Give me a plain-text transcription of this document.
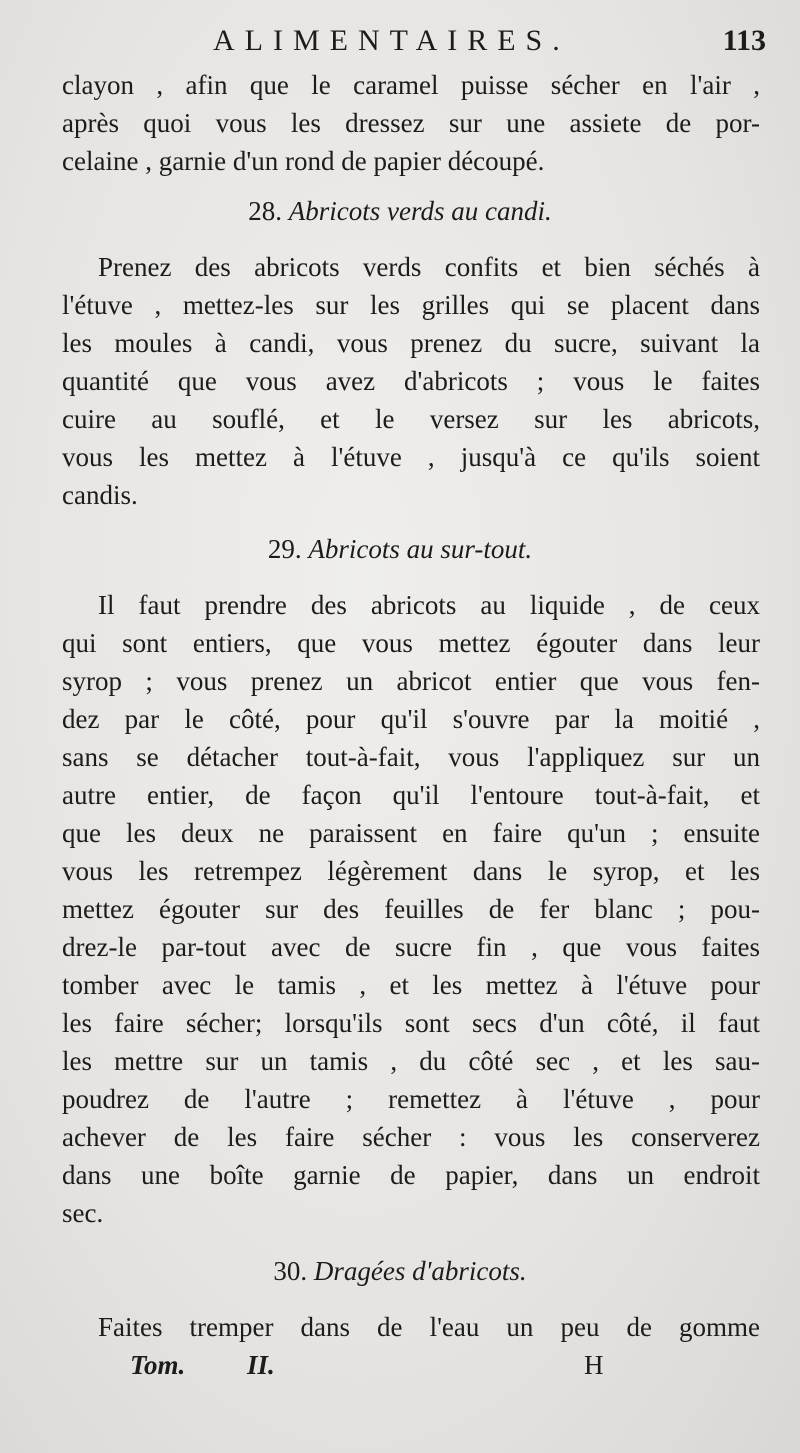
ALIMENTAIRES.	113
clayon , afin que le caramel puisse sécher en l'air ,
après quoi vous les dressez sur une assiete de por-
celaine , garnie d'un rond de papier découpé.
28. Abricots verds au candi.
Prenez des abricots verds confits et bien séchés à
l'étuve , mettez-les sur les grilles qui se placent dans
les moules à candi, vous prenez du sucre, suivant la
quantité que vous avez d'abricots ; vous le faites
cuire au souflé, et le versez sur les abricots,
vous les mettez à l'étuve , jusqu'à ce qu'ils soient
candis.
29. Abricots au sur-tout.
Il faut prendre des abricots au liquide , de ceux
qui sont entiers, que vous mettez égouter dans leur
syrop ; vous prenez un abricot entier que vous fen-
dez par le côté, pour qu'il s'ouvre par la moitié ,
sans se détacher tout-à-fait, vous l'appliquez sur un
autre entier, de façon qu'il l'entoure tout-à-fait, et
que les deux ne paraissent en faire qu'un ; ensuite
vous les retrempez légèrement dans le syrop, et les
mettez égouter sur des feuilles de fer blanc ; pou-
drez-le par-tout avec de sucre fin , que vous faites
tomber avec le tamis , et les mettez à l'étuve pour
les faire sécher; lorsqu'ils sont secs d'un côté, il faut
les mettre sur un tamis , du côté sec , et les sau-
poudrez de l'autre ; remettez à l'étuve , pour
achever de les faire sécher : vous les conserverez
dans une boîte garnie de papier, dans un endroit
sec.
30. Dragées d'abricots.
Faites tremper dans de l'eau un peu de gomme
Tom. II.	H
